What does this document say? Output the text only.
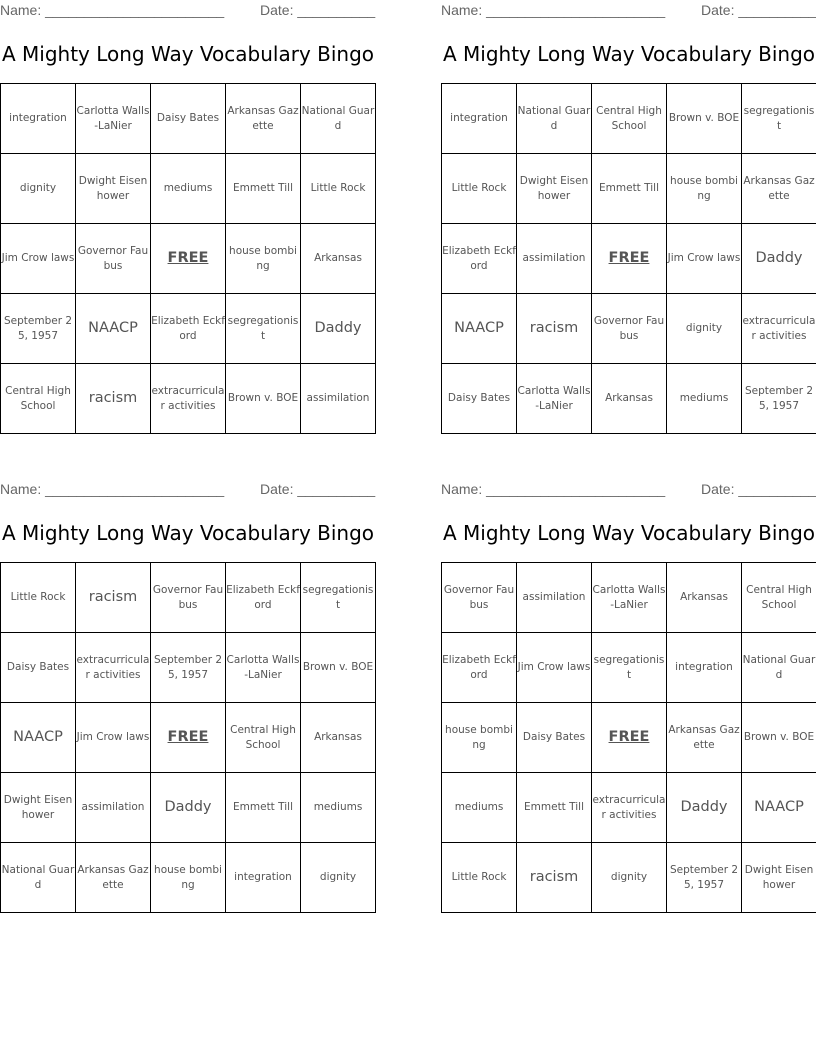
Name: _______________________	Date: __________
A Mighty Long Way Vocabulary Bingo
integration	Carlotta Walls-LaNier	Daisy Bates	Arkansas Gazette	National Guard
dignity	Dwight Eisenhower	mediums	Emmett Till	Little Rock
Jim Crow laws	Governor Faubus	FREE	house bombing	Arkansas
September 25, 1957	NAACP	Elizabeth Eckford	segregationist	Daddy
Central High School	racism	extracurricular activities	Brown v. BOE	assimilation
Name: _______________________	Date: __________
A Mighty Long Way Vocabulary Bingo
integration	National Guard	Central High School	Brown v. BOE	segregationist
Little Rock	Dwight Eisenhower	Emmett Till	house bombing	Arkansas Gazette
Elizabeth Eckford	assimilation	FREE	Jim Crow laws	Daddy
NAACP	racism	Governor Faubus	dignity	extracurricular activities
Daisy Bates	Carlotta Walls-LaNier	Arkansas	mediums	September 25, 1957
Name: _______________________	Date: __________
A Mighty Long Way Vocabulary Bingo
Little Rock	racism	Governor Faubus	Elizabeth Eckford	segregationist
Daisy Bates	extracurricular activities	September 25, 1957	Carlotta Walls-LaNier	Brown v. BOE
NAACP	Jim Crow laws	FREE	Central High School	Arkansas
Dwight Eisenhower	assimilation	Daddy	Emmett Till	mediums
National Guard	Arkansas Gazette	house bombing	integration	dignity
Name: _______________________	Date: __________
A Mighty Long Way Vocabulary Bingo
Governor Faubus	assimilation	Carlotta Walls-LaNier	Arkansas	Central High School
Elizabeth Eckford	Jim Crow laws	segregationist	integration	National Guard
house bombing	Daisy Bates	FREE	Arkansas Gazette	Brown v. BOE
mediums	Emmett Till	extracurricular activities	Daddy	NAACP
Little Rock	racism	dignity	September 25, 1957	Dwight Eisenhower
